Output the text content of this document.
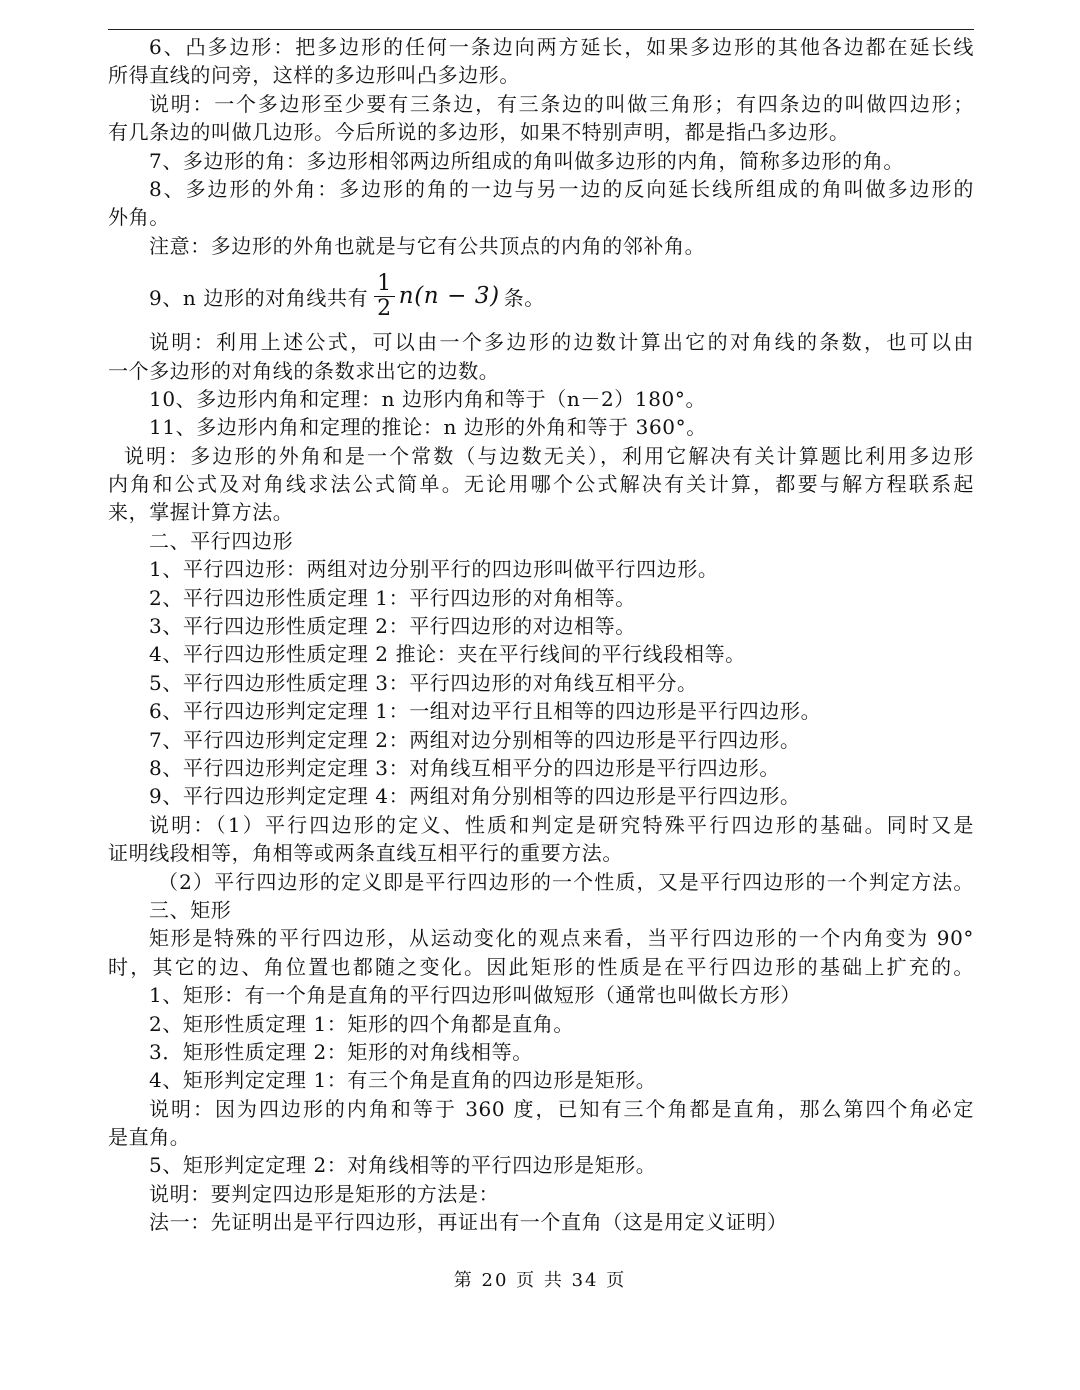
6、凸多边形：把多边形的任何一条边向两方延长，如果多边形的其他各边都在延长线
所得直线的问旁，这样的多边形叫凸多边形。
说明：一个多边形至少要有三条边，有三条边的叫做三角形；有四条边的叫做四边形；
有几条边的叫做几边形。今后所说的多边形，如果不特别声明，都是指凸多边形。
7、多边形的角：多边形相邻两边所组成的角叫做多边形的内角，简称多边形的角。
8、多边形的外角：多边形的角的一边与另一边的反向延长线所组成的角叫做多边形的
外角。
注意：多边形的外角也就是与它有公共顶点的内角的邻补角。
9、n 边形的对角线共有 $\frac{1}{2} n(n - 3)$ 条。
说明：利用上述公式，可以由一个多边形的边数计算出它的对角线的条数，也可以由
一个多边形的对角线的条数求出它的边数。
10、多边形内角和定理：n 边形内角和等于（n－2）180°。
11、多边形内角和定理的推论：n 边形的外角和等于 360°。
说明：多边形的外角和是一个常数（与边数无关），利用它解决有关计算题比利用多边形
内角和公式及对角线求法公式简单。无论用哪个公式解决有关计算，都要与解方程联系起
来，掌握计算方法。
二、平行四边形
1、平行四边形：两组对边分别平行的四边形叫做平行四边形。
2、平行四边形性质定理 1：平行四边形的对角相等。
3、平行四边形性质定理 2：平行四边形的对边相等。
4、平行四边形性质定理 2 推论：夹在平行线间的平行线段相等。
5、平行四边形性质定理 3：平行四边形的对角线互相平分。
6、平行四边形判定定理 1：一组对边平行且相等的四边形是平行四边形。
7、平行四边形判定定理 2：两组对边分别相等的四边形是平行四边形。
8、平行四边形判定定理 3：对角线互相平分的四边形是平行四边形。
9、平行四边形判定定理 4：两组对角分别相等的四边形是平行四边形。
说明：（1）平行四边形的定义、性质和判定是研究特殊平行四边形的基础。同时又是
证明线段相等，角相等或两条直线互相平行的重要方法。
（2）平行四边形的定义即是平行四边形的一个性质，又是平行四边形的一个判定方法。
三、矩形
矩形是特殊的平行四边形，从运动变化的观点来看，当平行四边形的一个内角变为 90°
时，其它的边、角位置也都随之变化。因此矩形的性质是在平行四边形的基础上扩充的。
1、矩形：有一个角是直角的平行四边形叫做短形（通常也叫做长方形）
2、矩形性质定理 1：矩形的四个角都是直角。
3．矩形性质定理 2：矩形的对角线相等。
4、矩形判定定理 1：有三个角是直角的四边形是矩形。
说明：因为四边形的内角和等于 360 度，已知有三个角都是直角，那么第四个角必定
是直角。
5、矩形判定定理 2：对角线相等的平行四边形是矩形。
说明：要判定四边形是矩形的方法是：
法一：先证明出是平行四边形，再证出有一个直角（这是用定义证明）
第 20 页 共 34 页
